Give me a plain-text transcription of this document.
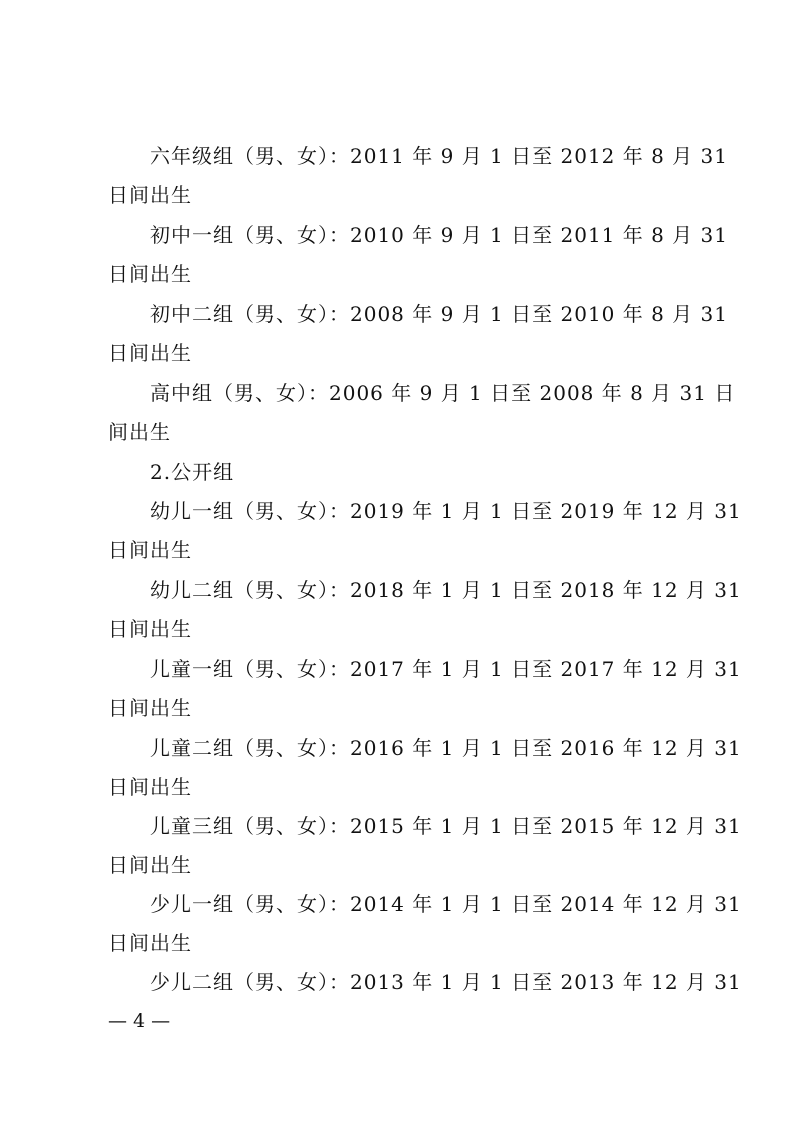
六年级组（男、女）：2011 年 9 月 1 日至 2012 年 8 月 31
日间出生
初中一组（男、女）：2010 年 9 月 1 日至 2011 年 8 月 31
日间出生
初中二组（男、女）：2008 年 9 月 1 日至 2010 年 8 月 31
日间出生
高中组（男、女）：2006 年 9 月 1 日至 2008 年 8 月 31 日
间出生
2.公开组
幼儿一组（男、女）：2019 年 1 月 1 日至 2019 年 12 月 31
日间出生
幼儿二组（男、女）：2018 年 1 月 1 日至 2018 年 12 月 31
日间出生
儿童一组（男、女）：2017 年 1 月 1 日至 2017 年 12 月 31
日间出生
儿童二组（男、女）：2016 年 1 月 1 日至 2016 年 12 月 31
日间出生
儿童三组（男、女）：2015 年 1 月 1 日至 2015 年 12 月 31
日间出生
少儿一组（男、女）：2014 年 1 月 1 日至 2014 年 12 月 31
日间出生
少儿二组（男、女）：2013 年 1 月 1 日至 2013 年 12 月 31
— 4 —
